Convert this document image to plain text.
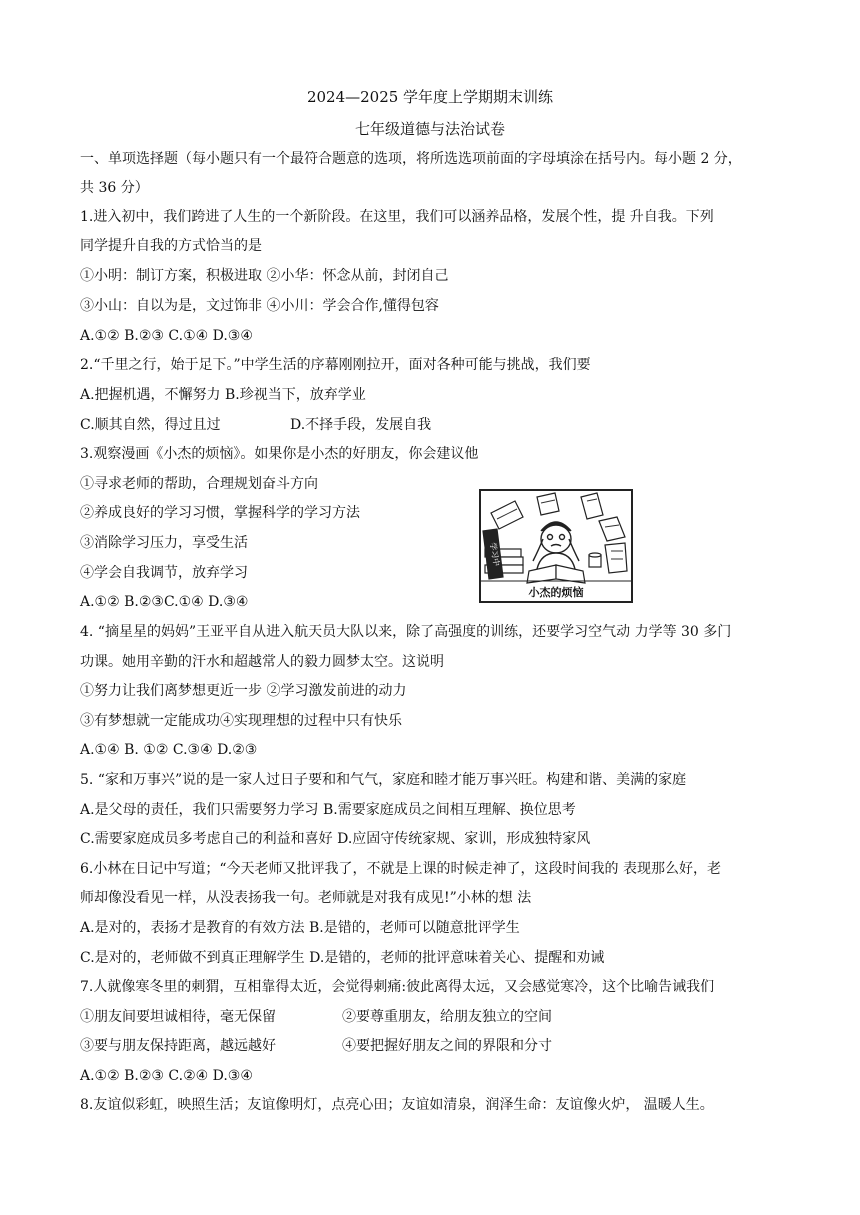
2024—2025 学年度上学期期末训练
七年级道德与法治试卷
一、单项选择题（每小题只有一个最符合题意的选项，将所选选项前面的字母填涂在括号内。每小题 2 分，
共 36 分）
1.进入初中，我们跨进了人生的一个新阶段。在这里，我们可以涵养品格，发展个性，提 升自我。下列
同学提升自我的方式恰当的是
①小明：制订方案，积极进取 ②小华：怀念从前，封闭自己
③小山：自以为是，文过饰非 ④小川：学会合作,懂得包容
A.①② B.②③ C.①④ D.③④
2.“千里之行，始于足下。”中学生活的序幕刚刚拉开，面对各种可能与挑战，我们要
A.把握机遇，不懈努力 B.珍视当下，放弃学业
C.顺其自然，得过且过	D.不择手段，发展自我
3.观察漫画《小杰的烦恼》。如果你是小杰的好朋友，你会建议他
①寻求老师的帮助，合理规划奋斗方向
②养成良好的学习习惯，掌握科学的学习方法
③消除学习压力，享受生活
④学会自我调节，放弃学习
A.①② B.②③C.①④ D.③④
学习中
小杰的烦恼
4. “摘星星的妈妈”王亚平自从进入航天员大队以来，除了高强度的训练，还要学习空气动 力学等 30 多门
功课。她用辛勤的汗水和超越常人的毅力圆梦太空。这说明
①努力让我们离梦想更近一步 ②学习激发前进的动力
③有梦想就一定能成功④实现理想的过程中只有快乐
A.①④ B. ①② C.③④ D.②③
5. “家和万事兴”说的是一家人过日子要和和气气，家庭和睦才能万事兴旺。构建和谐、美满的家庭
A.是父母的责任，我们只需要努力学习 B.需要家庭成员之间相互理解、换位思考
C.需要家庭成员多考虑自己的利益和喜好 D.应固守传统家规、家训，形成独特家风
6.小林在日记中写道；“今天老师又批评我了，不就是上课的时候走神了，这段时间我的 表现那么好，老
师却像没看见一样，从没表扬我一句。老师就是对我有成见!”小林的想 法
A.是对的，表扬才是教育的有效方法 B.是错的，老师可以随意批评学生
C.是对的，老师做不到真正理解学生 D.是错的，老师的批评意味着关心、提醒和劝诫
7.人就像寒冬里的刺猬，互相靠得太近，会觉得刺痛:彼此离得太远，又会感觉寒冷，这个比喻告诫我们
①朋友间要坦诚相待，毫无保留	②要尊重朋友，给朋友独立的空间
③要与朋友保持距离，越远越好	④要把握好朋友之间的界限和分寸
A.①② B.②③ C.②④ D.③④
8.友谊似彩虹，映照生活；友谊像明灯，点亮心田；友谊如清泉，润泽生命：友谊像火炉， 温暖人生。
